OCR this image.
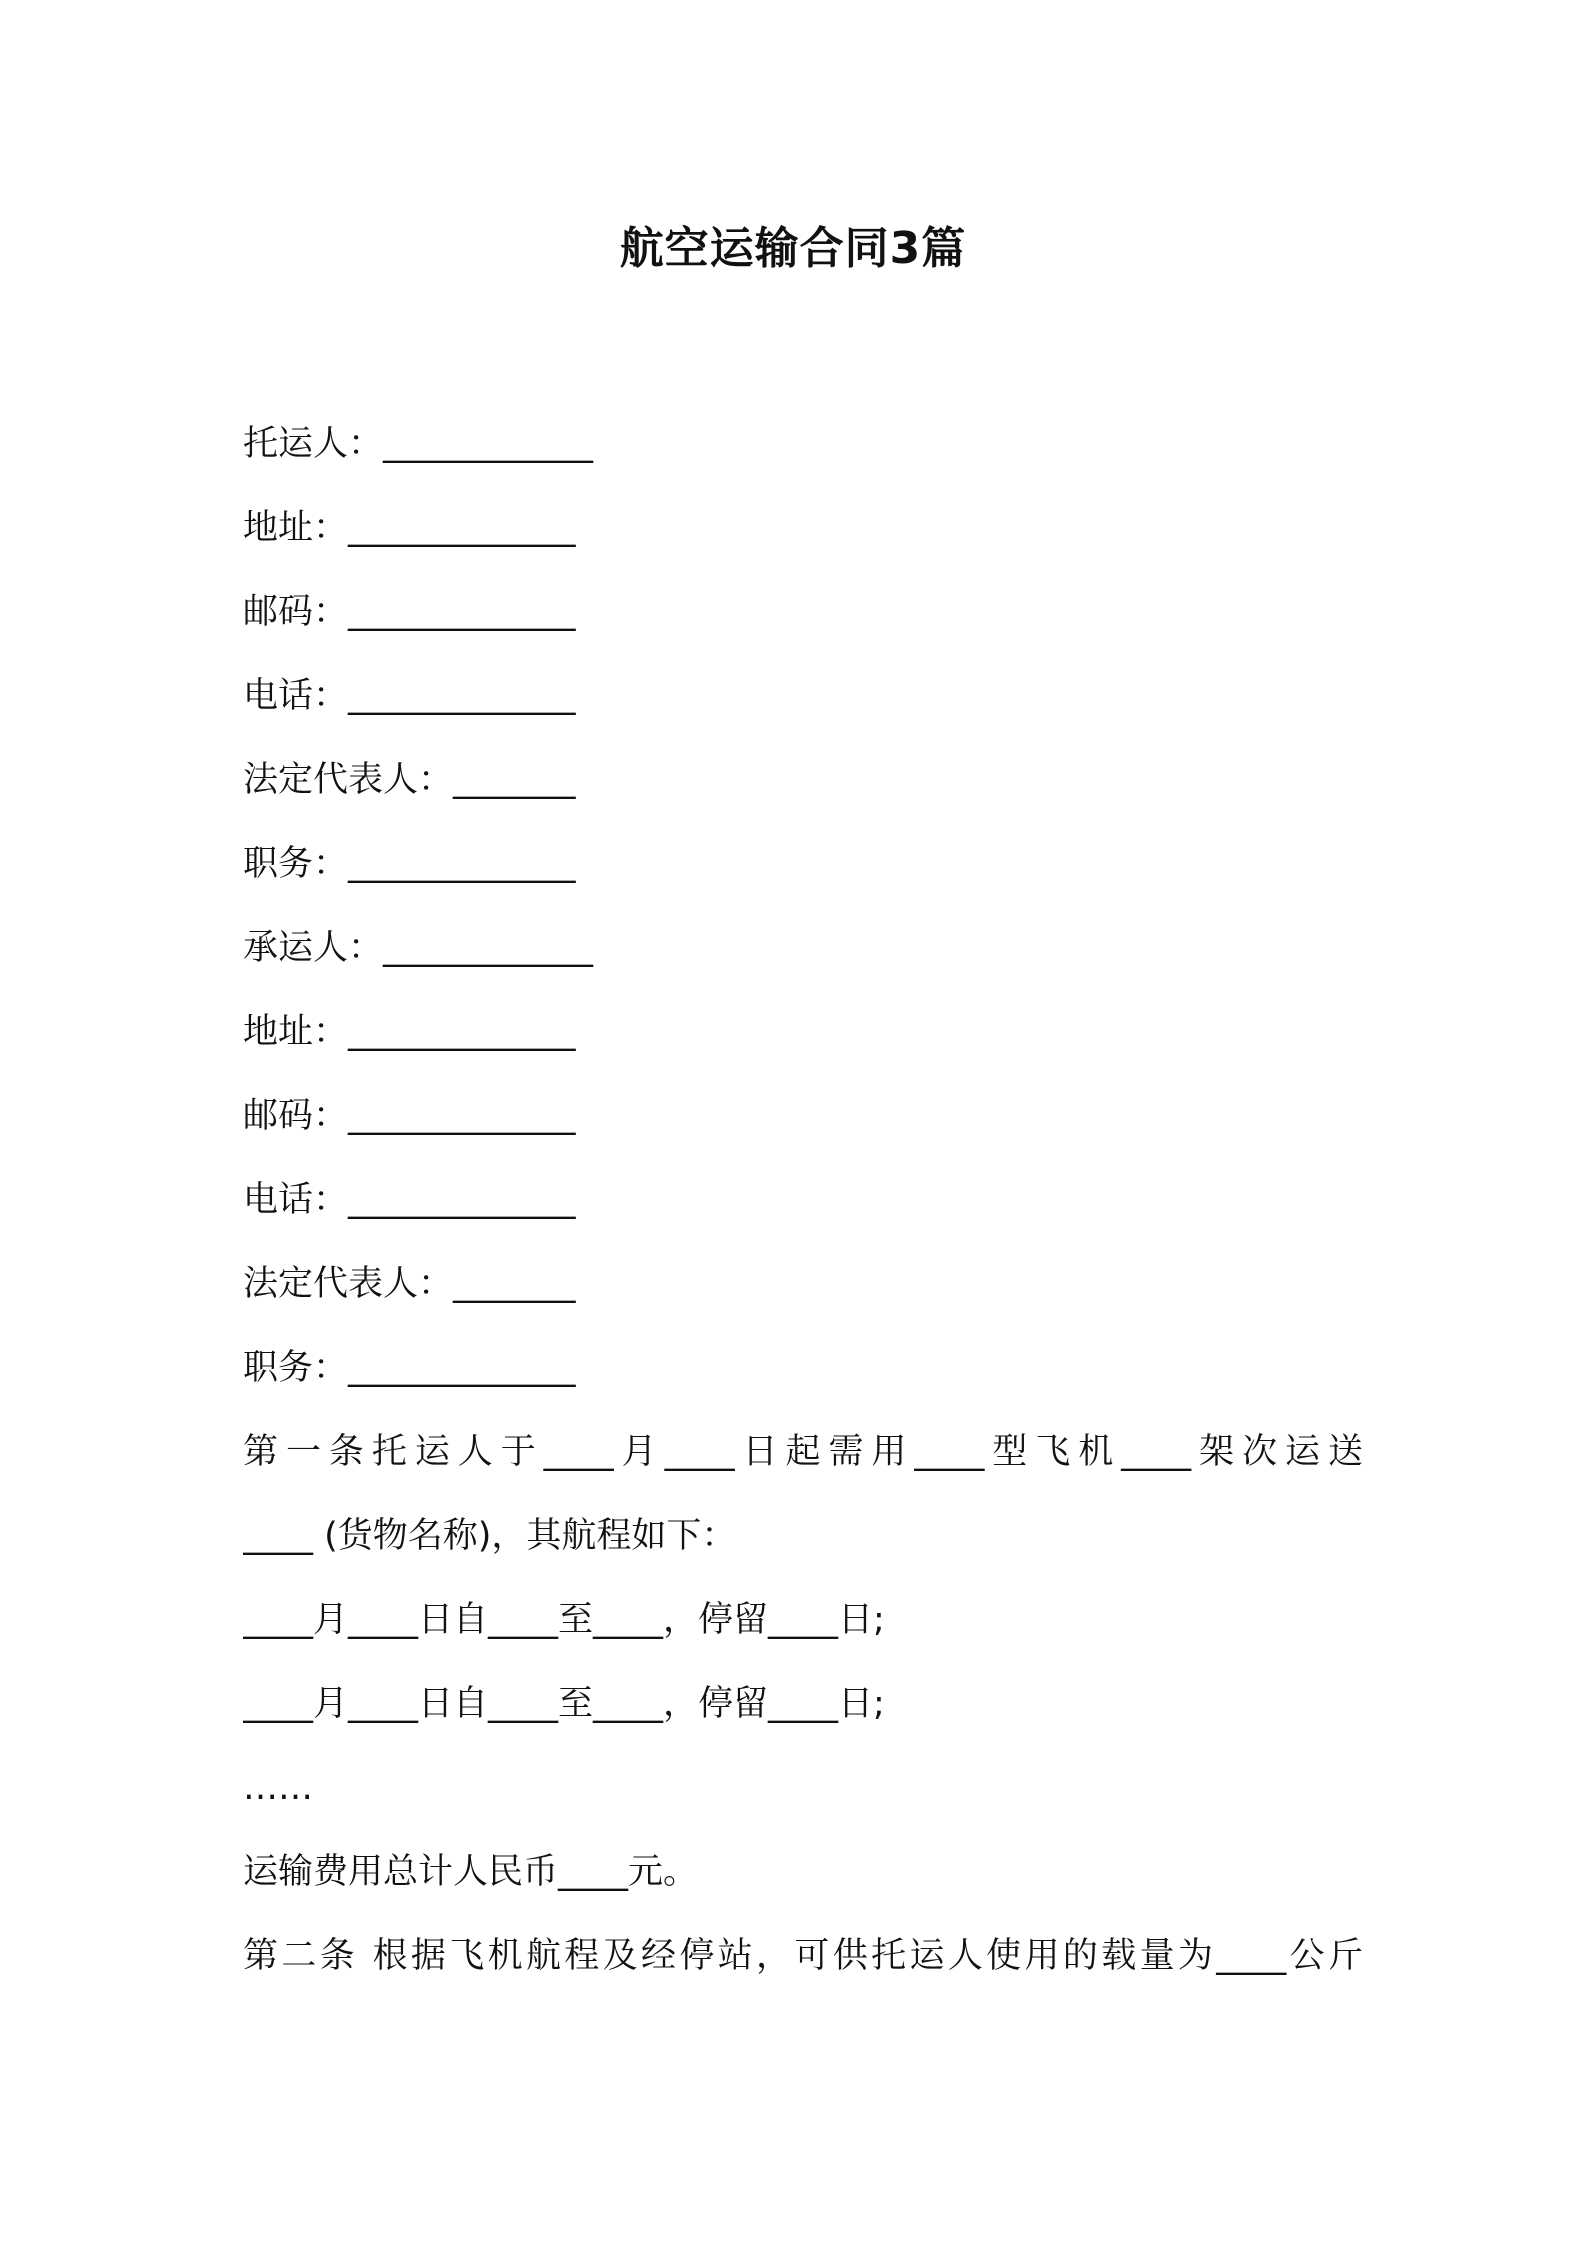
航空运输合同3篇
托运人：____________
地址：_____________
邮码：_____________
电话：_____________
法定代表人：_______
职务：_____________
承运人：____________
地址：_____________
邮码：_____________
电话：_____________
法定代表人：_______
职务：_____________
第一条托运人于____月____日起需用____型飞机____架次运送
____ (货物名称)，其航程如下：
____月____日自____至____，停留____日;
____月____日自____至____，停留____日;
……
运输费用总计人民币____元。
第二条 根据飞机航程及经停站，可供托运人使用的载量为____公斤
